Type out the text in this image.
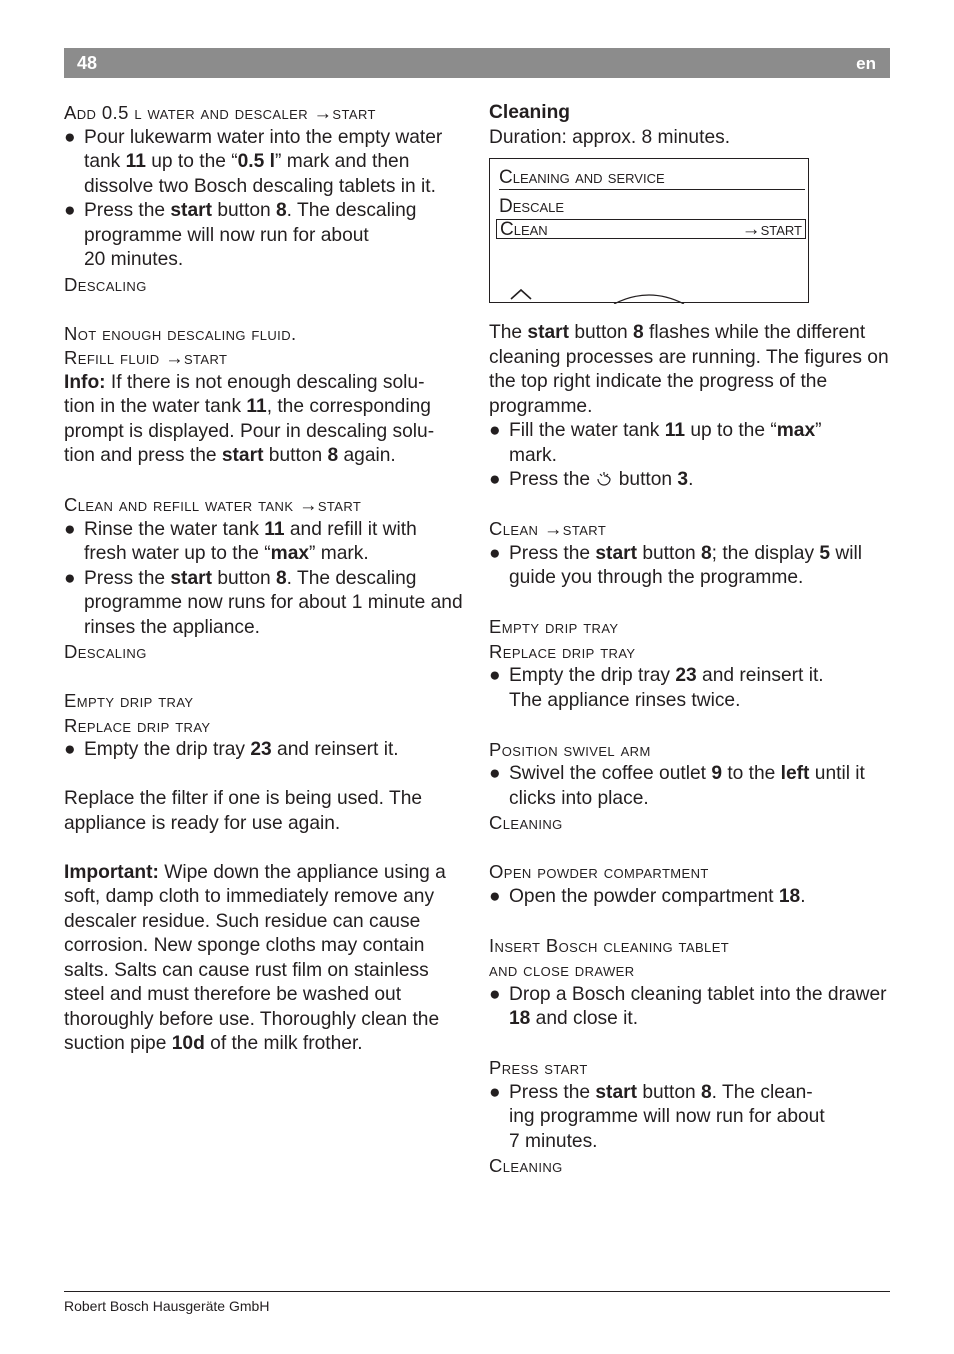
48	en
Add 0.5 l water and descaler →start
● Pour lukewarm water into the empty water tank 11 up to the “0.5 l” mark and then dissolve two Bosch descaling tablets in it.
● Press the start button 8. The descaling programme will now run for about
20 minutes.
Descaling
Not enough descaling fluid.
Refill fluid →start
Info: If there is not enough descaling solu-
tion in the water tank 11, the corresponding prompt is displayed. Pour in descaling solu-
tion and press the start button 8 again.
Clean and refill water tank →start
● Rinse the water tank 11 and refill it with fresh water up to the “max” mark.
● Press the start button 8. The descaling programme now runs for about 1 minute and rinses the appliance.
Descaling
Empty drip tray
Replace drip tray
● Empty the drip tray 23 and reinsert it.
Replace the filter if one is being used. The appliance is ready for use again.
Important: Wipe down the appliance using a soft, damp cloth to immediately remove any descaler residue. Such residue can cause corrosion. New sponge cloths may contain salts. Salts can cause rust film on stainless steel and must therefore be washed out thoroughly before use. Thoroughly clean the suction pipe 10d of the milk frother.
Cleaning
Duration: approx. 8 minutes.
Cleaning and service
Descale
Clean	→start
The start button 8 flashes while the different cleaning processes are running. The figures on the top right indicate the progress of the programme.
● Fill the water tank 11 up to the “max”
mark.
● Press the  button 3.
Clean →start
● Press the start button 8; the display 5 will guide you through the programme.
Empty drip tray
Replace drip tray
● Empty the drip tray 23 and reinsert it.
The appliance rinses twice.
Position swivel arm
● Swivel the coffee outlet 9 to the left until it clicks into place.
Cleaning
Open powder compartment
● Open the powder compartment 18.
Insert Bosch cleaning tablet
and close drawer
● Drop a Bosch cleaning tablet into the drawer 18 and close it.
Press start
● Press the start button 8. The clean-
ing programme will now run for about
7 minutes.
Cleaning
Robert Bosch Hausgeräte GmbH
